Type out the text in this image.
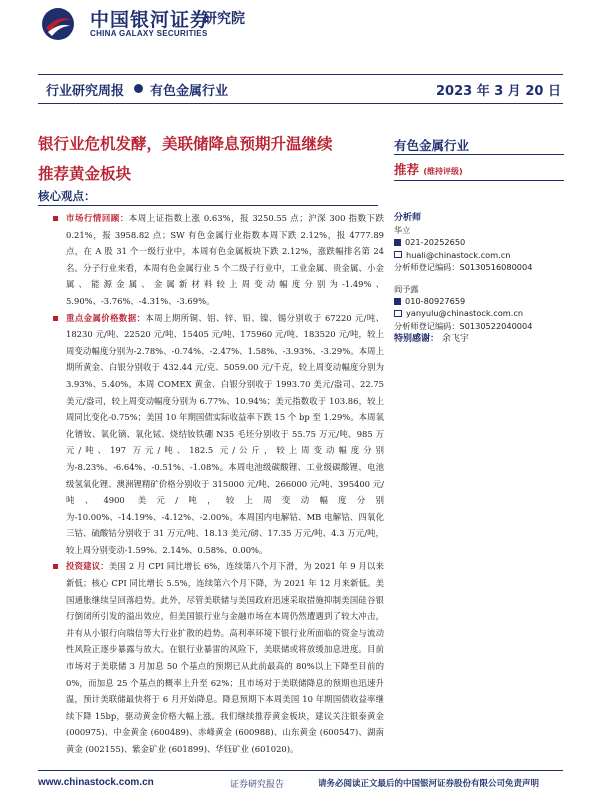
中国银河证券
研究院
CHINA GALAXY SECURITIES
行业研究周报 有色金属行业	2023 年 3 月 20 日
银行业危机发酵，美联储降息预期升温继续
推荐黄金板块
核心观点：

市场行情回顾：本周上证指数上涨 0.63%，报 3250.55 点；沪深 300 指数下跌 0.21%，报 3958.82 点；SW 有色金属行业指数本周下跌 2.12%，报 4777.89 点，在 A 股 31 个一级行业中，本周有色金属板块下跌 2.12%，涨跌幅排名第 24 名。分子行业来看，本周有色金属行业 5 个二级子行业中，工业金属、贵金属、小金属、能源金属、金属新材料较上周变动幅度分别为-1.49%、5.90%、-3.76%、-4.31%、-3.69%。

重点金属价格数据：本周上期所铜、铝、锌、铅、镍、锡分别收于 67220 元/吨、18230 元/吨、22520 元/吨、15405 元/吨、175960 元/吨、183520 元/吨，较上周变动幅度分别为-2.78%、-0.74%、-2.47%、1.58%、-3.93%、-3.29%。本周上期所黄金、白银分别收于 432.44 元/克、5059.00 元/千克，较上周变动幅度分别为 3.93%、5.40%。本周 COMEX 黄金、白银分别收于 1993.70 美元/盎司、22.75 美元/盎司，较上周变动幅度分别为 6.77%、10.94%；美元指数收于 103.86，较上周同比变化-0.75%；美国 10 年期国债实际收益率下跌 15 个 bp 至 1.29%。本周氧化镨钕、氧化镝、氧化铽、烧结钕铁硼 N35 毛坯分别收于 55.75 万元/吨、985 万元/吨、197 万元/吨、182.5 元/公斤，较上周变动幅度分别为-8.23%、-6.64%、-0.51%、-1.08%。本周电池级碳酸锂、工业级碳酸锂、电池级氢氧化锂、澳洲锂精矿价格分别收于 315000 元/吨、266000 元/吨、395400 元/吨、4900 美元/吨，较上周变动幅度分别为-10.00%、-14.19%、-4.12%、-2.00%。本周国内电解钴、MB 电解钴、四氧化三钴、硫酸钴分别收于 31 万元/吨、18.13 美元/磅、17.35 万元/吨、4.3 万元/吨，较上周分别变动-1.59%、2.14%、0.58%、0.00%。

投资建议：美国 2 月 CPI 同比增长 6%，连续第八个月下滑，为 2021 年 9 月以来新低；核心 CPI 同比增长 5.5%，连续第六个月下降，为 2021 年 12 月来新低。美国通胀继续呈回落趋势。此外，尽管美联储与美国政府迅速采取措施抑制美国硅谷银行倒闭所引发的溢出效应，但美国银行业与金融市场在本周仍然遭遇到了较大冲击，并有从小银行向瑞信等大行业扩散的趋势。高利率环境下银行业所面临的资金与流动性风险正逐步暴露与放大。在银行业暴雷的风险下，美联储或将放缓加息进度。目前市场对于美联储 3 月加息 50 个基点的预期已从此前最高的 80%以上下降至目前的 0%，而加息 25 个基点的概率上升至 62%；且市场对于美联储降息的预期也迅速升温，预计美联储最快将于 6 月开始降息。降息预期下本周美国 10 年期国债收益率继续下降 15bp，驱动黄金价格大幅上涨。我们继续推荐黄金板块，建议关注银泰黄金 (000975)、中金黄金 (600489)、赤峰黄金 (600988)、山东黄金 (600547)、湖南黄金 (002155)、紫金矿业 (601899)、华钰矿业 (601020)。

有色金属行业
推荐 (维持评级)
分析师
华立
021-20252650
huali@chinastock.com.cn
分析师登记编码：S0130516080004
阎予露
010-80927659
yanyulu@chinastock.com.cn
分析师登记编码：S0130522040004
特别感谢： 余飞宇
www.chinastock.com.cn	证券研究报告	请务必阅读正文最后的中国银河证券股份有限公司免责声明
